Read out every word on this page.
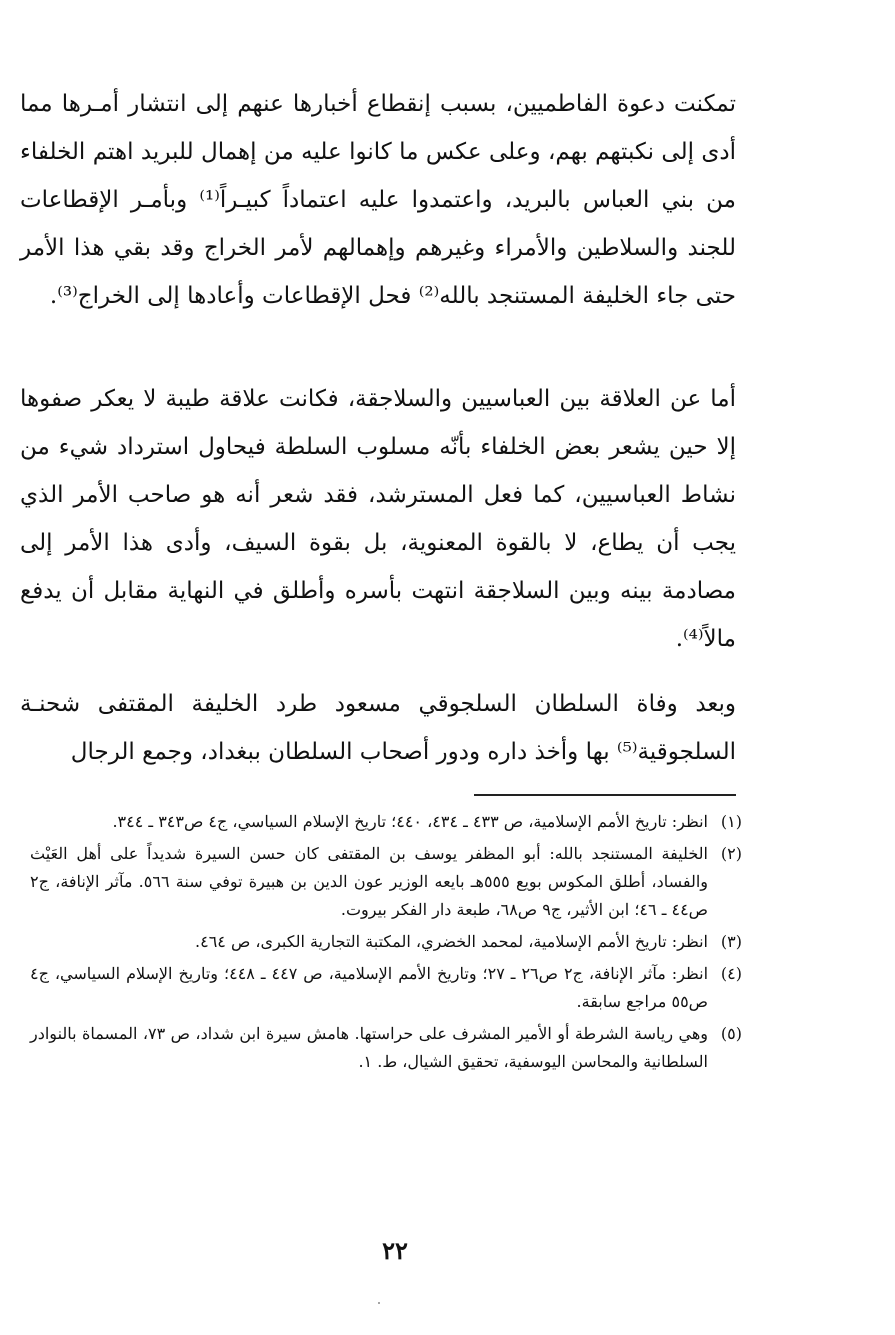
تمكنت دعوة الفاطميين، بسبب إنقطاع أخبارها عنهم إلى انتشار أمـرها مما أدى إلى نكبتهم بهم، وعلى عكس ما كانوا عليه من إهمال للبريد اهتم الخلفاء من بني العباس بالبريد، واعتمدوا عليه اعتماداً كبيـراً⁽¹⁾ وبأمـر الإقطاعات للجند والسلاطين والأمراء وغيرهم وإهمالهم لأمر الخراج وقد بقي هذا الأمر حتى جاء الخليفة المستنجد بالله⁽²⁾ فحل الإقطاعات وأعادها إلى الخراج⁽³⁾.

أما عن العلاقة بين العباسيين والسلاجقة، فكانت علاقة طيبة لا يعكر صفوها إلا حين يشعر بعض الخلفاء بأنّه مسلوب السلطة فيحاول استرداد شيء من نشاط العباسيين، كما فعل المسترشد، فقد شعر أنه هو صاحب الأمر الذي يجب أن يطاع، لا بالقوة المعنوية، بل بقوة السيف، وأدى هذا الأمر إلى مصادمة بينه وبين السلاجقة انتهت بأسره وأطلق في النهاية مقابل أن يدفع مالاً⁽⁴⁾.

وبعد وفاة السلطان السلجوقي مسعود طرد الخليفة المقتفى شحنـة السلجوقية⁽⁵⁾ بها وأخذ داره ودور أصحاب السلطان ببغداد، وجمع الرجال

(١)
انظر: تاريخ الأمم الإسلامية، ص ٤٣٣ ـ ٤٣٤، ٤٤٠؛ تاريخ الإسلام السياسي، ج٤ ص٣٤٣ ـ ٣٤٤.
(٢)
الخليفة المستنجد بالله: أبو المظفر يوسف بن المقتفى كان حسن السيرة شديداً على أهل العَيْث والفساد، أطلق المكوس بويع ٥٥٥هـ بايعه الوزير عون الدين بن هبيرة توفي سنة ٥٦٦. مآثر الإنافة، ج٢ ص٤٤ ـ ٤٦؛ ابن الأثير، ج٩ ص٦٨، طبعة دار الفكر بيروت.
(٣)
انظر: تاريخ الأمم الإسلامية، لمحمد الخضري، المكتبة التجارية الكبرى، ص ٤٦٤.
(٤)
انظر: مآثر الإنافة، ج٢ ص٢٦ ـ ٢٧؛ وتاريخ الأمم الإسلامية، ص ٤٤٧ ـ ٤٤٨؛ وتاريخ الإسلام السياسي، ج٤ ص٥٥ مراجع سابقة.
(٥)
وهي رياسة الشرطة أو الأمير المشرف على حراستها. هامش سيرة ابن شداد، ص ٧٣، المسماة بالنوادر السلطانية والمحاسن اليوسفية، تحقيق الشيال، ط. ١.
٢٢
